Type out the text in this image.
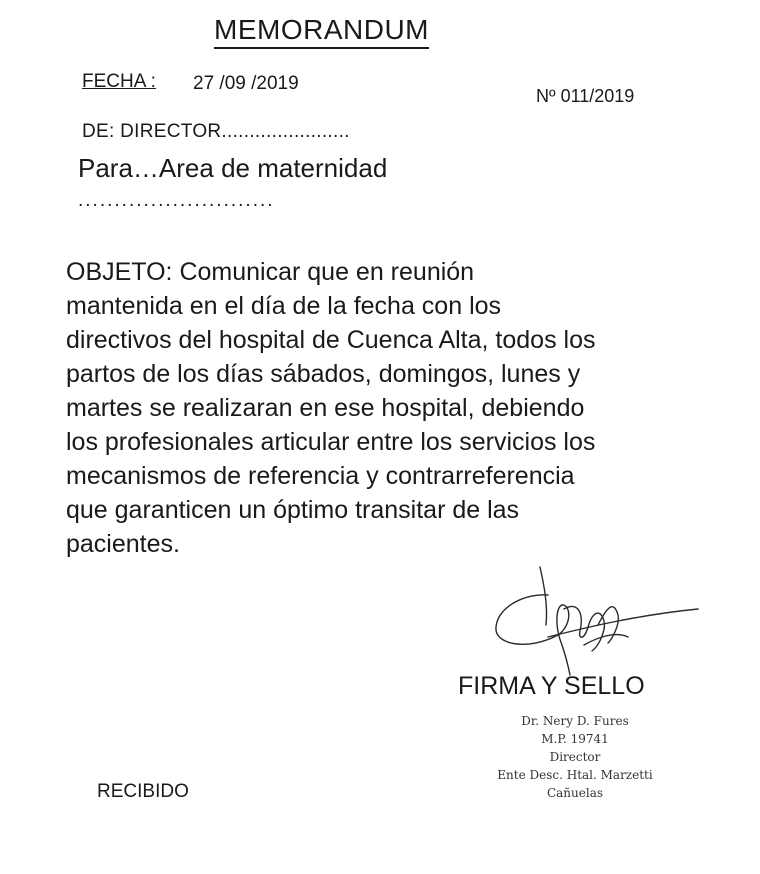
MEMORANDUM
FECHA : 27 /09 /2019
Nº 011/2019
DE: DIRECTOR.......................
Para…Area de maternidad
...........................
OBJETO: Comunicar que en reunión
mantenida en el día de la fecha con los
directivos del hospital de Cuenca Alta, todos los
partos de los días sábados, domingos, lunes y
martes se realizaran en ese hospital, debiendo
los profesionales articular entre los servicios los
mecanismos de referencia y contrarreferencia
que garanticen un óptimo transitar de las
pacientes.
FIRMA Y SELLO
Dr. Nery D. Fures
M.P. 19741
Director
Ente Desc. Htal. Marzetti
Cañuelas
RECIBIDO
